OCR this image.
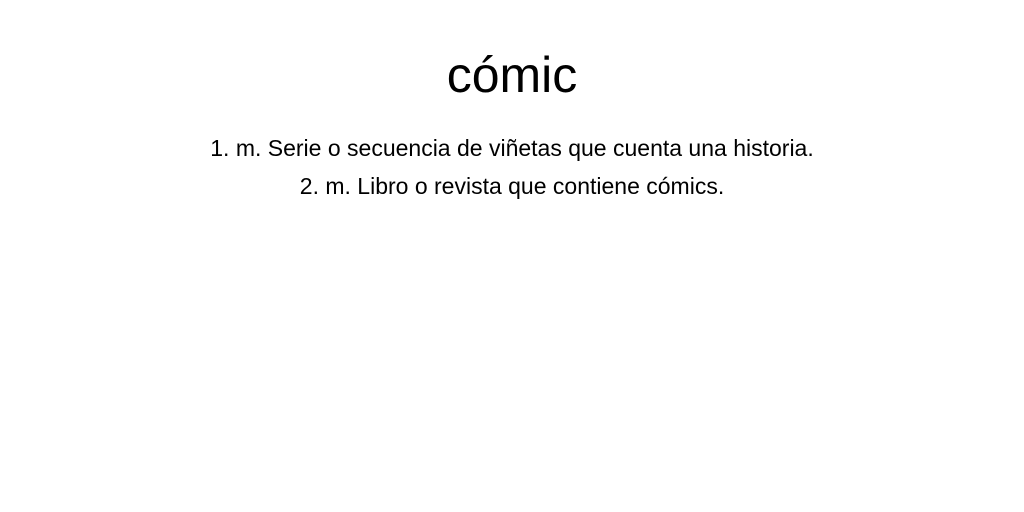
cómic
1. m. Serie o secuencia de viñetas que cuenta una historia.
2. m. Libro o revista que contiene cómics.
